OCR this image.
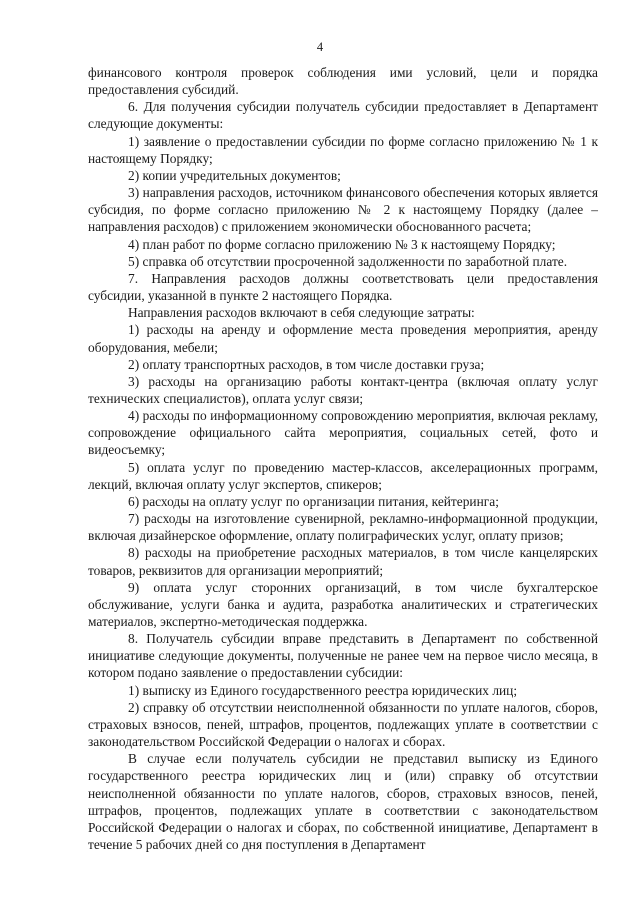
4

финансового контроля проверок соблюдения ими условий, цели и порядка предоставления субсидий.

6. Для получения субсидии получатель субсидии предоставляет в Департамент следующие документы:

1) заявление о предоставлении субсидии по форме согласно приложению № 1 к настоящему Порядку;

2) копии учредительных документов;

3) направления расходов, источником финансового обеспечения которых является субсидия, по форме согласно приложению № 2 к настоящему Порядку (далее – направления расходов) с приложением экономически обоснованного расчета;

4) план работ по форме согласно приложению № 3 к настоящему Порядку;

5) справка об отсутствии просроченной задолженности по заработной плате.

7. Направления расходов должны соответствовать цели предоставления субсидии, указанной в пункте 2 настоящего Порядка.

Направления расходов включают в себя следующие затраты:

1) расходы на аренду и оформление места проведения мероприятия, аренду оборудования, мебели;

2) оплату транспортных расходов, в том числе доставки груза;

3) расходы на организацию работы контакт-центра (включая оплату услуг технических специалистов), оплата услуг связи;

4) расходы по информационному сопровождению мероприятия, включая рекламу, сопровождение официального сайта мероприятия, социальных сетей, фото и видеосъемку;

5) оплата услуг по проведению мастер-классов, акселерационных программ, лекций, включая оплату услуг экспертов, спикеров;

6) расходы на оплату услуг по организации питания, кейтеринга;

7) расходы на изготовление сувенирной, рекламно-информационной продукции, включая дизайнерское оформление, оплату полиграфических услуг, оплату призов;

8) расходы на приобретение расходных материалов, в том числе канцелярских товаров, реквизитов для организации мероприятий;

9) оплата услуг сторонних организаций, в том числе бухгалтерское обслуживание, услуги банка и аудита, разработка аналитических и стратегических материалов, экспертно-методическая поддержка.

8. Получатель субсидии вправе представить в Департамент по собственной инициативе следующие документы, полученные не ранее чем на первое число месяца, в котором подано заявление о предоставлении субсидии:

1) выписку из Единого государственного реестра юридических лиц;

2) справку об отсутствии неисполненной обязанности по уплате налогов, сборов, страховых взносов, пеней, штрафов, процентов, подлежащих уплате в соответствии с законодательством Российской Федерации о налогах и сборах.

В случае если получатель субсидии не представил выписку из Единого государственного реестра юридических лиц и (или) справку об отсутствии неисполненной обязанности по уплате налогов, сборов, страховых взносов, пеней, штрафов, процентов, подлежащих уплате в соответствии с законодательством Российской Федерации о налогах и сборах, по собственной инициативе, Департамент в течение 5 рабочих дней со дня поступления в Департамент
